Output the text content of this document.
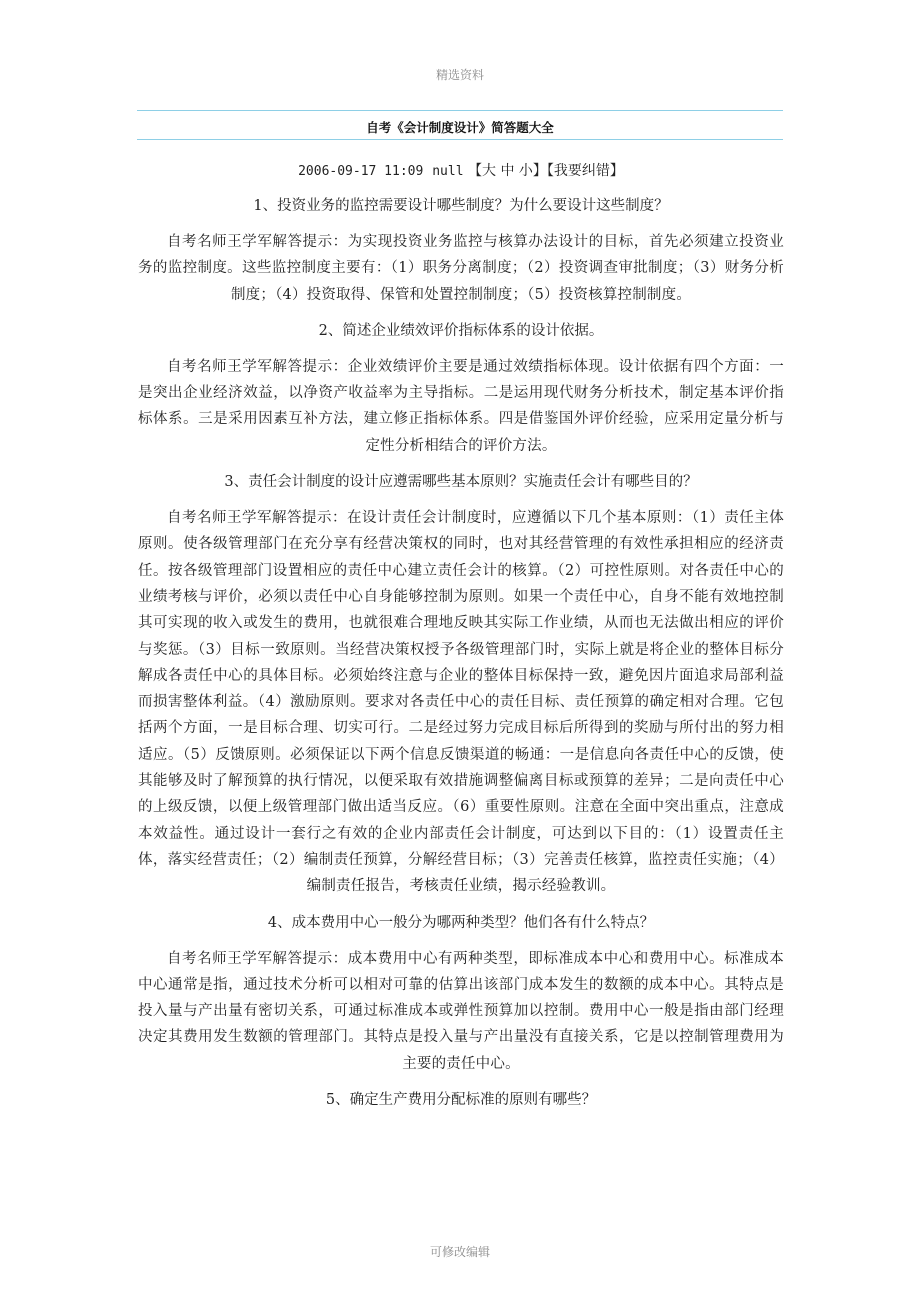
精选资料
自考《会计制度设计》简答题大全

2006-09-17 11:09 null 【大 中 小】【我要纠错】

1、投资业务的监控需要设计哪些制度？为什么要设计这些制度？

自考名师王学军解答提示：为实现投资业务监控与核算办法设计的目标，首先必须建立投资业务的监控制度。这些监控制度主要有：（1）职务分离制度；（2）投资调查审批制度；（3）财务分析制度；（4）投资取得、保管和处置控制制度；（5）投资核算控制制度。

2、简述企业绩效评价指标体系的设计依据。

自考名师王学军解答提示：企业效绩评价主要是通过效绩指标体现。设计依据有四个方面：一是突出企业经济效益，以净资产收益率为主导指标。二是运用现代财务分析技术，制定基本评价指标体系。三是采用因素互补方法，建立修正指标体系。四是借鉴国外评价经验，应采用定量分析与定性分析相结合的评价方法。

3、责任会计制度的设计应遵需哪些基本原则？实施责任会计有哪些目的？

自考名师王学军解答提示：在设计责任会计制度时，应遵循以下几个基本原则：（1）责任主体原则。使各级管理部门在充分享有经营决策权的同时，也对其经营管理的有效性承担相应的经济责任。按各级管理部门设置相应的责任中心建立责任会计的核算。（2）可控性原则。对各责任中心的业绩考核与评价，必须以责任中心自身能够控制为原则。如果一个责任中心，自身不能有效地控制其可实现的收入或发生的费用，也就很难合理地反映其实际工作业绩，从而也无法做出相应的评价与奖惩。（3）目标一致原则。当经营决策权授予各级管理部门时，实际上就是将企业的整体目标分解成各责任中心的具体目标。必须始终注意与企业的整体目标保持一致，避免因片面追求局部利益而损害整体利益。（4）激励原则。要求对各责任中心的责任目标、责任预算的确定相对合理。它包括两个方面，一是目标合理、切实可行。二是经过努力完成目标后所得到的奖励与所付出的努力相适应。（5）反馈原则。必须保证以下两个信息反馈渠道的畅通：一是信息向各责任中心的反馈，使其能够及时了解预算的执行情况，以便采取有效措施调整偏离目标或预算的差异；二是向责任中心的上级反馈，以便上级管理部门做出适当反应。（6）重要性原则。注意在全面中突出重点，注意成本效益性。通过设计一套行之有效的企业内部责任会计制度，可达到以下目的：（1）设置责任主体，落实经营责任；（2）编制责任预算，分解经营目标；（3）完善责任核算，监控责任实施；（4）编制责任报告，考核责任业绩，揭示经验教训。

4、成本费用中心一般分为哪两种类型？他们各有什么特点？

自考名师王学军解答提示：成本费用中心有两种类型，即标准成本中心和费用中心。标准成本中心通常是指，通过技术分析可以相对可靠的估算出该部门成本发生的数额的成本中心。其特点是投入量与产出量有密切关系，可通过标准成本或弹性预算加以控制。费用中心一般是指由部门经理决定其费用发生数额的管理部门。其特点是投入量与产出量没有直接关系，它是以控制管理费用为主要的责任中心。

5、确定生产费用分配标准的原则有哪些？

可修改编辑
